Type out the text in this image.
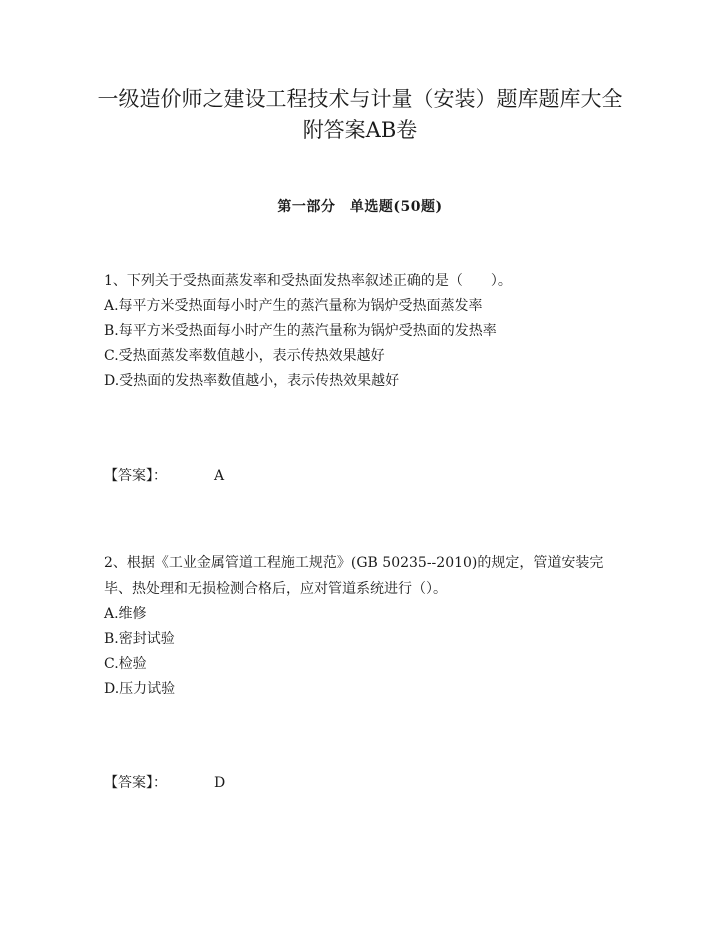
一级造价师之建设工程技术与计量（安装）题库题库大全附答案AB卷
第一部分　单选题(50题)

1、下列关于受热面蒸发率和受热面发热率叙述正确的是（　　）。

A.每平方米受热面每小时产生的蒸汽量称为锅炉受热面蒸发率

B.每平方米受热面每小时产生的蒸汽量称为锅炉受热面的发热率

C.受热面蒸发率数值越小，表示传热效果越好

D.受热面的发热率数值越小，表示传热效果越好

【答案】：	A

2、根据《工业金属管道工程施工规范》(GB 50235--2010)的规定，管道安装完毕、热处理和无损检测合格后，应对管道系统进行（）。

A.维修

B.密封试验

C.检验

D.压力试验

【答案】：	D
